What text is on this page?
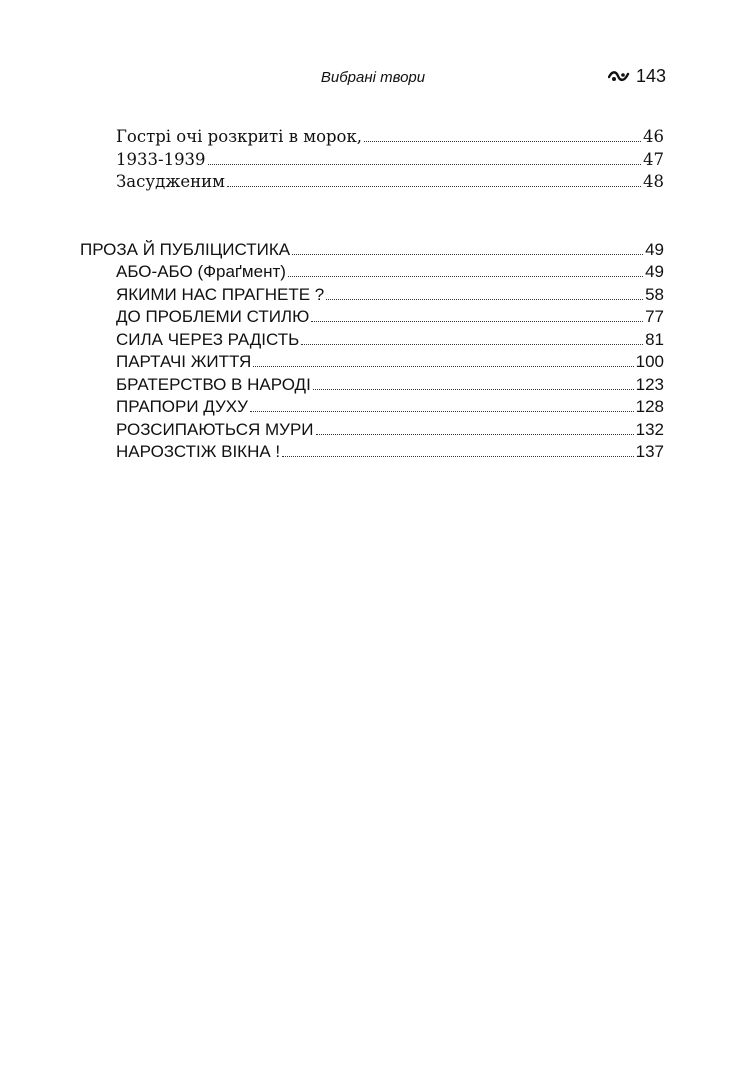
Вибрані твори	143
Гострі очі розкриті в морок,	46
1933-1939	47
Засудженим	48
ПРОЗА Й ПУБЛІЦИСТИКА	49
АБО-АБО (Фраґмент)	49
ЯКИМИ НАС ПРАГНЕТЕ ?	58
ДО ПРОБЛЕМИ СТИЛЮ	77
СИЛА ЧЕРЕЗ РАДІСТЬ	81
ПАРТАЧІ ЖИТТЯ	100
БРАТЕРСТВО В НАРОДІ	123
ПРАПОРИ ДУХУ	128
РОЗСИПАЮТЬСЯ МУРИ	132
НАРОЗСТІЖ ВІКНА !	137
